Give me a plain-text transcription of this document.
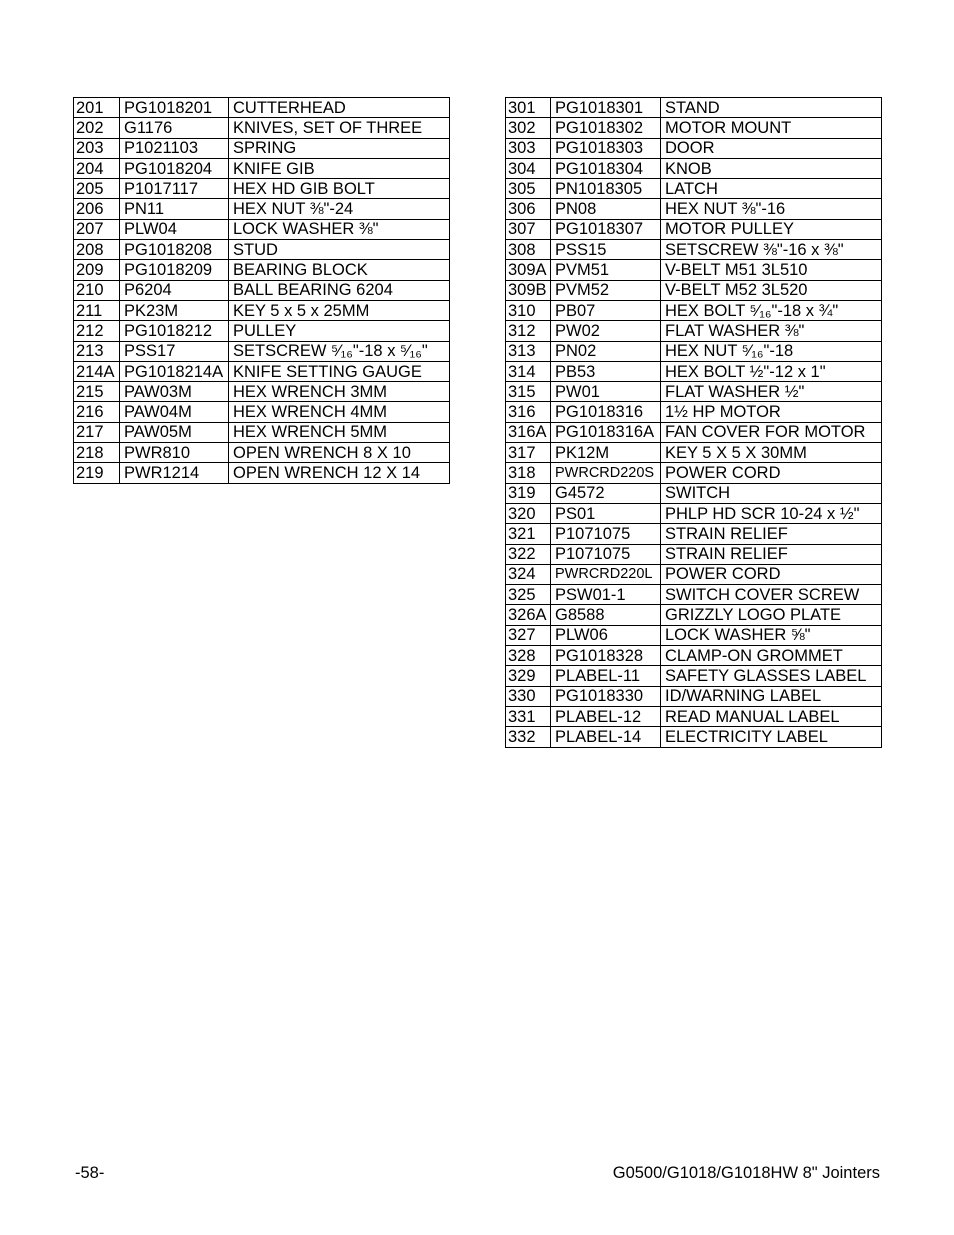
201	PG1018201	CUTTERHEAD
202	G1176	KNIVES, SET OF THREE
203	P1021103	SPRING
204	PG1018204	KNIFE GIB
205	P1017117	HEX HD GIB BOLT
206	PN11	HEX NUT ⅜"-24
207	PLW04	LOCK WASHER ⅜"
208	PG1018208	STUD
209	PG1018209	BEARING BLOCK
210	P6204	BALL BEARING 6204
211	PK23M	KEY 5 x 5 x 25MM
212	PG1018212	PULLEY
213	PSS17	SETSCREW ⁵⁄₁₆"-18 x ⁵⁄₁₆"
214A	PG1018214A	KNIFE SETTING GAUGE
215	PAW03M	HEX WRENCH 3MM
216	PAW04M	HEX WRENCH 4MM
217	PAW05M	HEX WRENCH 5MM
218	PWR810	OPEN WRENCH 8 X 10
219	PWR1214	OPEN WRENCH 12 X 14
301	PG1018301	STAND
302	PG1018302	MOTOR MOUNT
303	PG1018303	DOOR
304	PG1018304	KNOB
305	PN1018305	LATCH
306	PN08	HEX NUT ⅜"-16
307	PG1018307	MOTOR PULLEY
308	PSS15	SETSCREW ⅜"-16 x ⅜"
309A	PVM51	V-BELT M51 3L510
309B	PVM52	V-BELT M52 3L520
310	PB07	HEX BOLT ⁵⁄₁₆"-18 x ¾"
312	PW02	FLAT WASHER ⅜"
313	PN02	HEX NUT ⁵⁄₁₆"-18
314	PB53	HEX BOLT ½"-12 x 1"
315	PW01	FLAT WASHER ½"
316	PG1018316	1½ HP MOTOR
316A	PG1018316A	FAN COVER FOR MOTOR
317	PK12M	KEY 5 X 5 X 30MM
318	PWRCRD220S	POWER CORD
319	G4572	SWITCH
320	PS01	PHLP HD SCR 10-24 x ½"
321	P1071075	STRAIN RELIEF
322	P1071075	STRAIN RELIEF
324	PWRCRD220L	POWER CORD
325	PSW01-1	SWITCH COVER SCREW
326A	G8588	GRIZZLY LOGO PLATE
327	PLW06	LOCK WASHER ⅝"
328	PG1018328	CLAMP-ON GROMMET
329	PLABEL-11	SAFETY GLASSES LABEL
330	PG1018330	ID/WARNING LABEL
331	PLABEL-12	READ MANUAL LABEL
332	PLABEL-14	ELECTRICITY LABEL
-58-	G0500/G1018/G1018HW 8" Jointers
